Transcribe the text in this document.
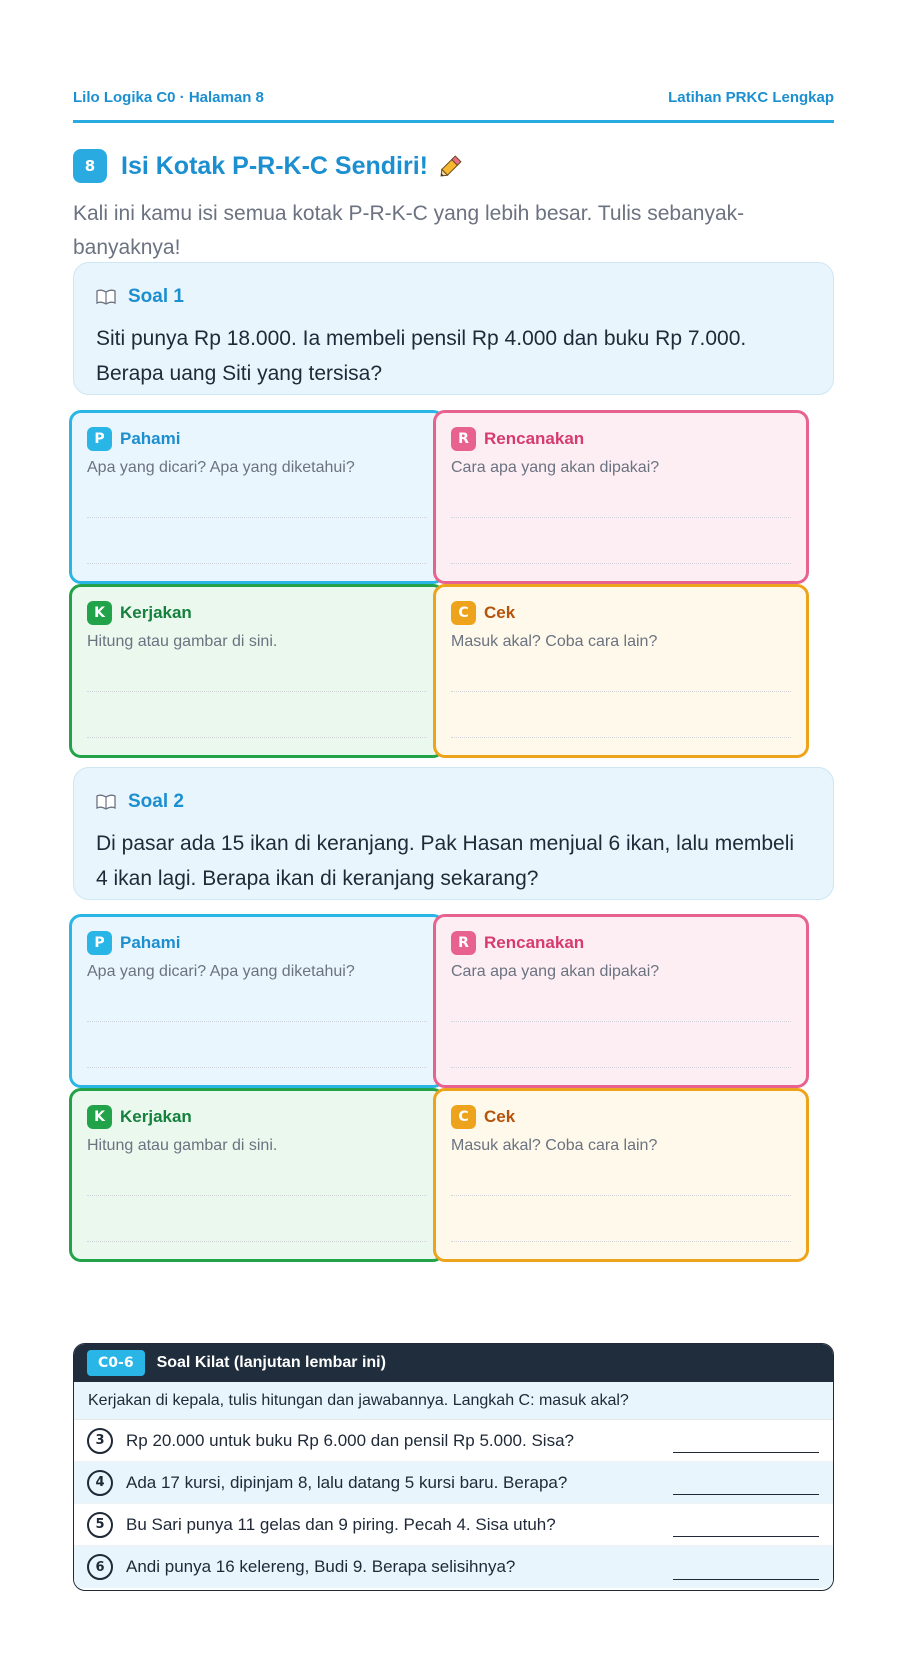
Lilo Logika C0 · Halaman 8	Latihan PRKC Lengkap
8	Isi Kotak P-R-K-C Sendiri!

Kali ini kamu isi semua kotak P-R-K-C yang lebih besar. Tulis sebanyak-banyaknya!

Soal 1

Siti punya Rp 18.000. Ia membeli pensil Rp 4.000 dan buku Rp 7.000. Berapa uang Siti yang tersisa?

P Pahami

Apa yang dicari? Apa yang diketahui?

R Rencanakan

Cara apa yang akan dipakai?

K Kerjakan

Hitung atau gambar di sini.

C Cek

Masuk akal? Coba cara lain?

Soal 2

Di pasar ada 15 ikan di keranjang. Pak Hasan menjual 6 ikan, lalu membeli 4 ikan lagi. Berapa ikan di keranjang sekarang?

P Pahami

Apa yang dicari? Apa yang diketahui?

R Rencanakan

Cara apa yang akan dipakai?

K Kerjakan

Hitung atau gambar di sini.

C Cek

Masuk akal? Coba cara lain?

C0-6	Soal Kilat (lanjutan lembar ini)
Kerjakan di kepala, tulis hitungan dan jawabannya. Langkah C: masuk akal?
3	Rp 20.000 untuk buku Rp 6.000 dan pensil Rp 5.000. Sisa?
4	Ada 17 kursi, dipinjam 8, lalu datang 5 kursi baru. Berapa?
5	Bu Sari punya 11 gelas dan 9 piring. Pecah 4. Sisa utuh?
6	Andi punya 16 kelereng, Budi 9. Berapa selisihnya?
